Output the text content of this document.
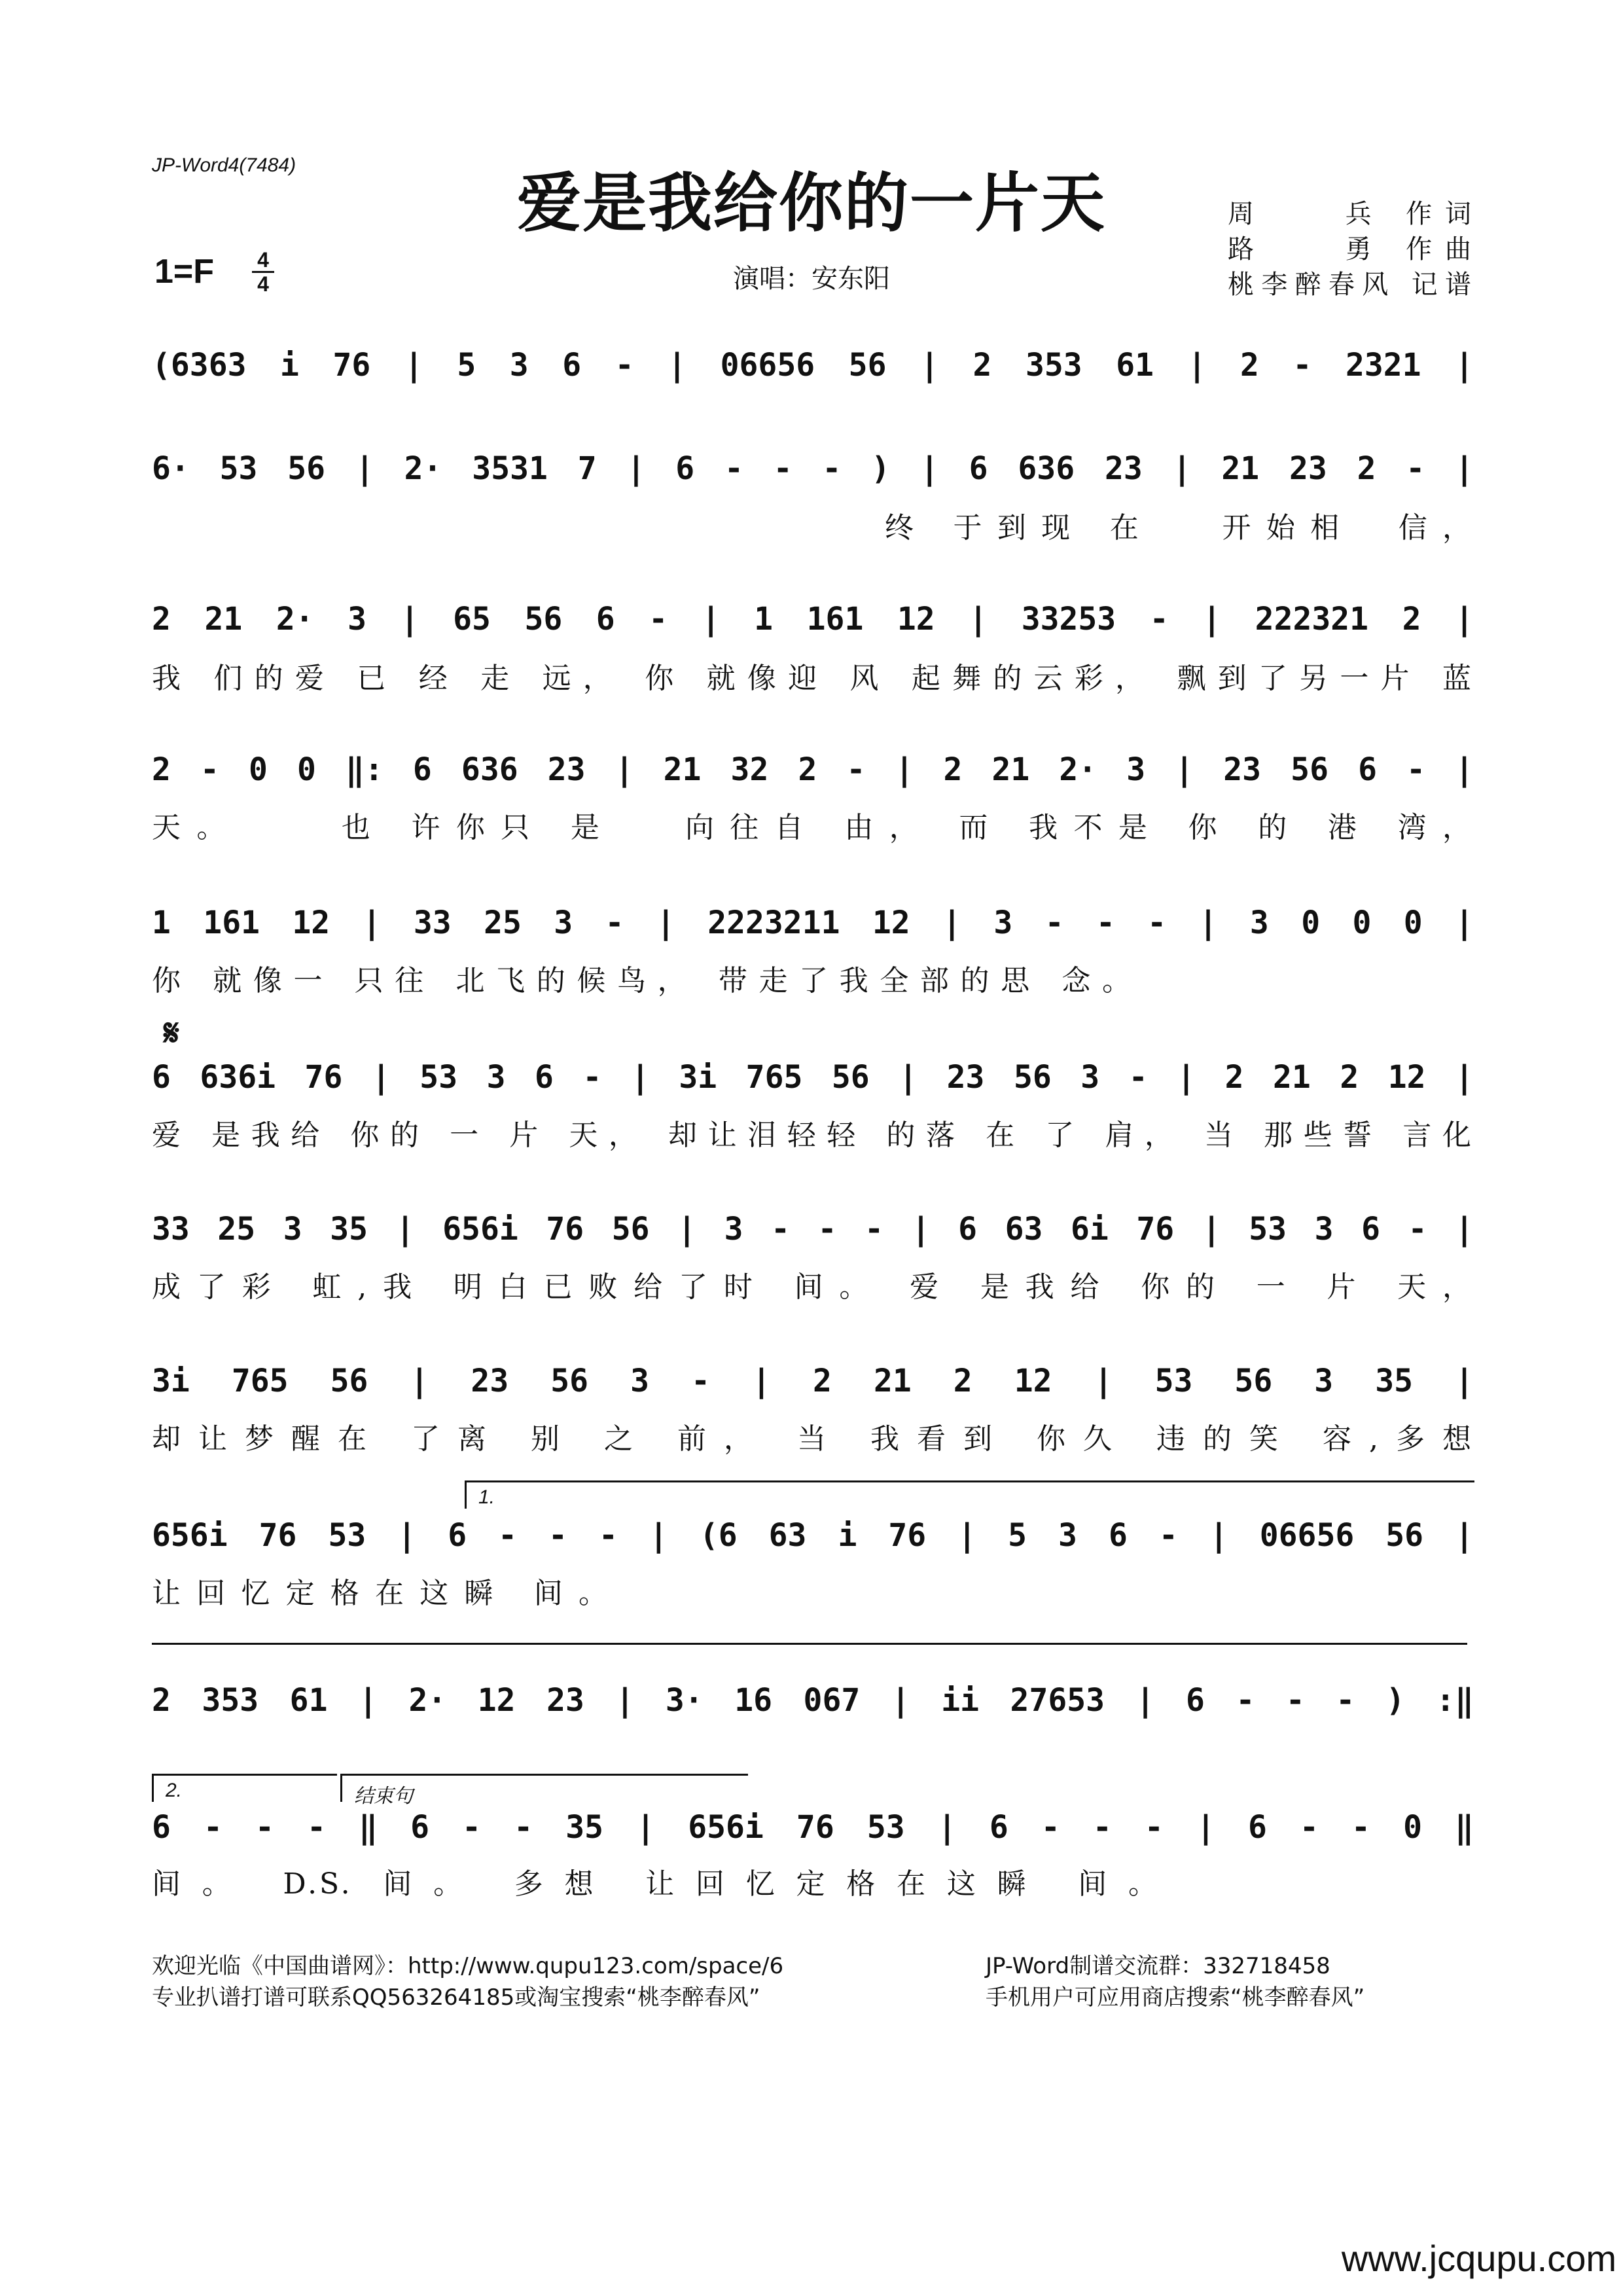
JP-Word4(7484)
爱是我给你的一片天	周　　兵 作词
路　　勇 作曲
桃李醉春风 记谱
1=F 4
4	演唱：安东阳
(6363 i 76 | 5 3 6 - | 06656 56 | 2 353 61 | 2 - 2321 |
6· 53 56 | 2· 3531 7 | 6 - - - ) | 6 636 23 | 21 23 2 - |
终 于到现 在　 开始相　信，
2 21 2· 3 | 65 56 6 - | 1 161 12 | 33253 - | 222321 2 |
我 们的爱 已 经 走 远， 你 就像迎 风 起舞的云彩， 飘到了另一片 蓝
2 - 0 0 ‖: 6 636 23 | 21 32 2 - | 2 21 2· 3 | 23 56 6 - |
天。　　 也 许你只 是　 向往自 由， 而 我不是 你 的 港 湾，
1 161 12 | 33 25 3 - | 2223211 12 | 3 - - - | 3 0 0 0 |
你 就像一 只往 北飞的候鸟， 带走了我全部的思 念。
𝄋
6 636i 76 | 53 3 6 - | 3i 765 56 | 23 56 3 - | 2 21 2 12 |
爱 是我给 你的 一 片 天， 却让泪轻轻 的落 在 了 肩， 当 那些誓 言化
33 25 3 35 | 656i 76 56 | 3 - - - | 6 63 6i 76 | 53 3 6 - |
成了彩 虹,我 明白已败给了时 间。 爱 是我给 你的 一 片 天，
3i 765 56 | 23 56 3 - | 2 21 2 12 | 53 56 3 35 |
却让梦醒在 了离 别 之 前， 当 我看到 你久 违的笑 容,多想
1.
656i 76 53 | 6 - - - | (6 63 i 76 | 5 3 6 - | 06656 56 |
让回忆定格在这瞬 间。
2 353 61 | 2· 12 23 | 3· 16 067 | ii 27653 | 6 - - - ) :‖
2.	结束句
6 - - - ‖ 6 - - 35 | 656i 76 53 | 6 - - - | 6 - - 0 ‖
间。 D.S. 间。 多想 让回忆定格在这瞬 间。
欢迎光临《中国曲谱网》：http://www.qupu123.com/space/6
专业扒谱打谱可联系QQ563264185或淘宝搜索“桃李醉春风”
JP-Word制谱交流群：332718458
手机用户可应用商店搜索“桃李醉春风”
www.jcqupu.com
